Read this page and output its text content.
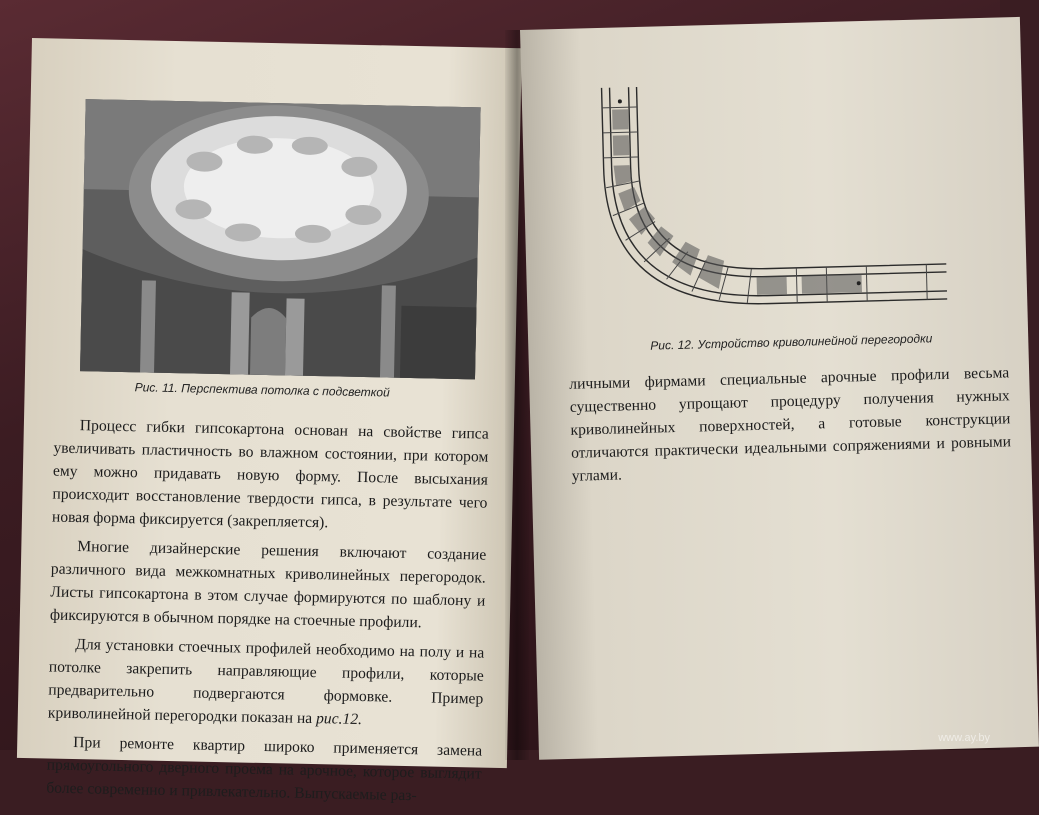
Рис. 11. Перспектива потолка с подсветкой

Процесс гибки гипсокартона основан на свойстве гипса увеличивать пластичность во влажном состоянии, при котором ему можно придавать новую форму. После высыхания происходит восстановление твердости гипса, в результате чего новая форма фиксируется (закрепляется).

Многие дизайнерские решения включают создание различного вида межкомнатных криволинейных перегородок. Листы гипсокартона в этом случае формируются по шаблону и фиксируются в обычном порядке на стоечные профили.

Для установки стоечных профилей необходимо на полу и на потолке закрепить направляющие профили, которые предварительно подвергаются формовке. Пример криволинейной перегородки показан на рис.12.

При ремонте квартир широко применяется замена прямоугольного дверного проема на арочное, которое выглядит более современно и привлекательно. Выпускаемые раз-

Рис. 12. Устройство криволинейной перегородки

личными фирмами специальные арочные профили весьма существенно упрощают процедуру получения нужных криволинейных поверхностей, а готовые конструкции отличаются практически идеальными сопряжениями и ровными углами.

www.ay.by
